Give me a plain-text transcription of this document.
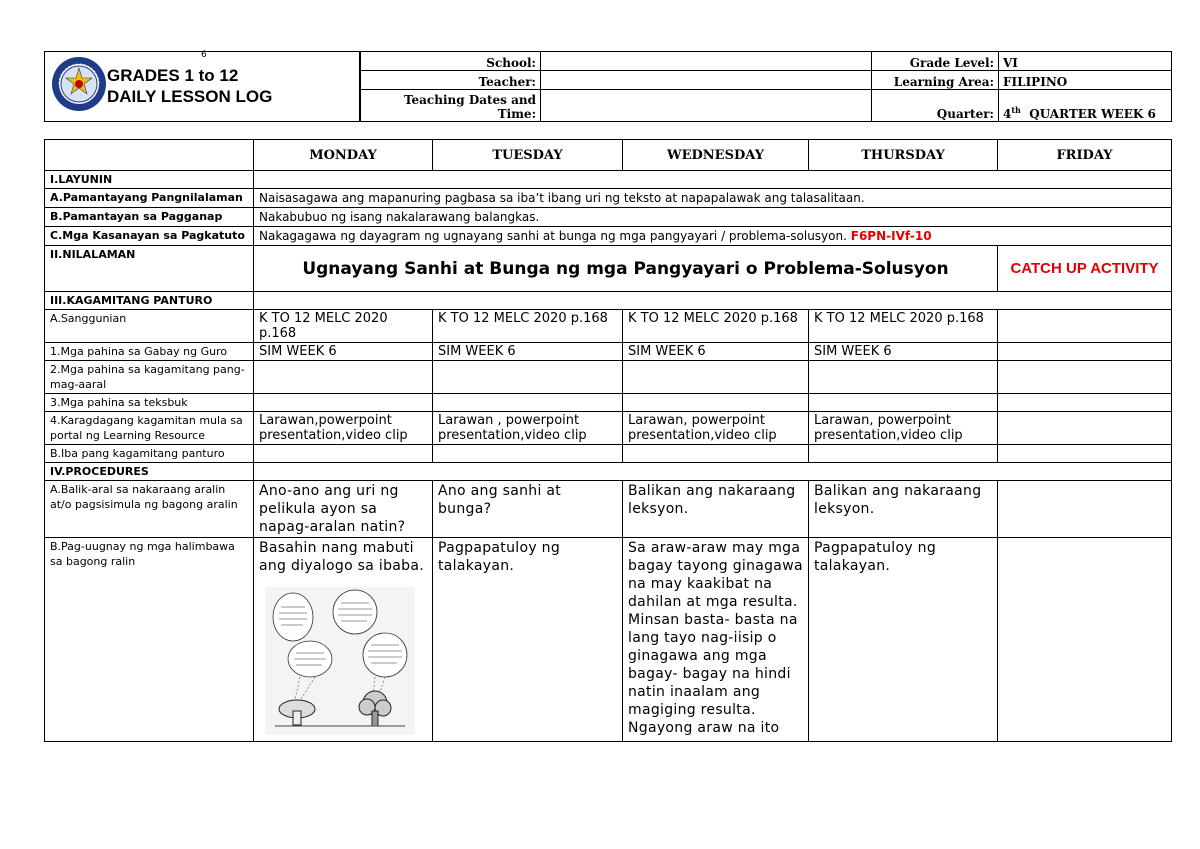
6
GRADES 1 to 12
DAILY LESSON LOG
School:		Grade Level:	VI
Teacher:		Learning Area:	FILIPINO

Teaching Dates and
Time:		Quarter:	4th QUARTER WEEK 6
	MONDAY	TUESDAY	WEDNESDAY	THURSDAY	FRIDAY
I.LAYUNIN					
A.Pamantayang Pangnilalaman	Naisasagawa ang mapanuring pagbasa sa iba’t ibang uri ng teksto at napapalawak ang talasalitaan.				
B.Pamantayan sa Pagganap	Nakabubuo ng isang nakalarawang balangkas.				
C.Mga Kasanayan sa Pagkatuto	Nakagagawa ng dayagram ng ugnayang sanhi at bunga ng mga pangyayari / problema-solusyon. F6PN-IVf-10				
II.NILALAMAN	Ugnayang Sanhi at Bunga ng mga Pangyayari o Problema-Solusyon				CATCH UP ACTIVITY
III.KAGAMITANG PANTURO					
A.Sanggunian	K TO 12 MELC 2020 p.168	K TO 12 MELC 2020 p.168	K TO 12 MELC 2020 p.168	K TO 12 MELC 2020 p.168	
1.Mga pahina sa Gabay ng Guro	SIM WEEK 6	SIM WEEK 6	SIM WEEK 6	SIM WEEK 6	
2.Mga pahina sa kagamitang pang-mag-aaral					
3.Mga pahina sa teksbuk					
4.Karagdagang kagamitan mula sa portal ng Learning Resource	Larawan,powerpoint presentation,video clip	Larawan , powerpoint presentation,video clip	Larawan, powerpoint presentation,video clip	Larawan, powerpoint presentation,video clip	
B.Iba pang kagamitang panturo					
IV.PROCEDURES					
A.Balik-aral sa nakaraang aralin at/o pagsisimula ng bagong aralin	Ano-ano ang uri ng pelikula ayon sa napag-aralan natin?	Ano ang sanhi at bunga?	Balikan ang nakaraang leksyon.	Balikan ang nakaraang leksyon.	
B.Pag-uugnay ng mga halimbawa sa bagong ralin	Basahin nang mabuti ang diyalogo sa ibaba.	Pagpapatuloy ng talakayan.	Sa araw-araw may mga bagay tayong ginagawa na may kaakibat na dahilan at mga resulta. Minsan basta- basta na lang tayo nag-iisip o ginagawa ang mga bagay- bagay na hindi natin inaalam ang magiging resulta. Ngayong araw na ito	Pagpapatuloy ng talakayan.	
